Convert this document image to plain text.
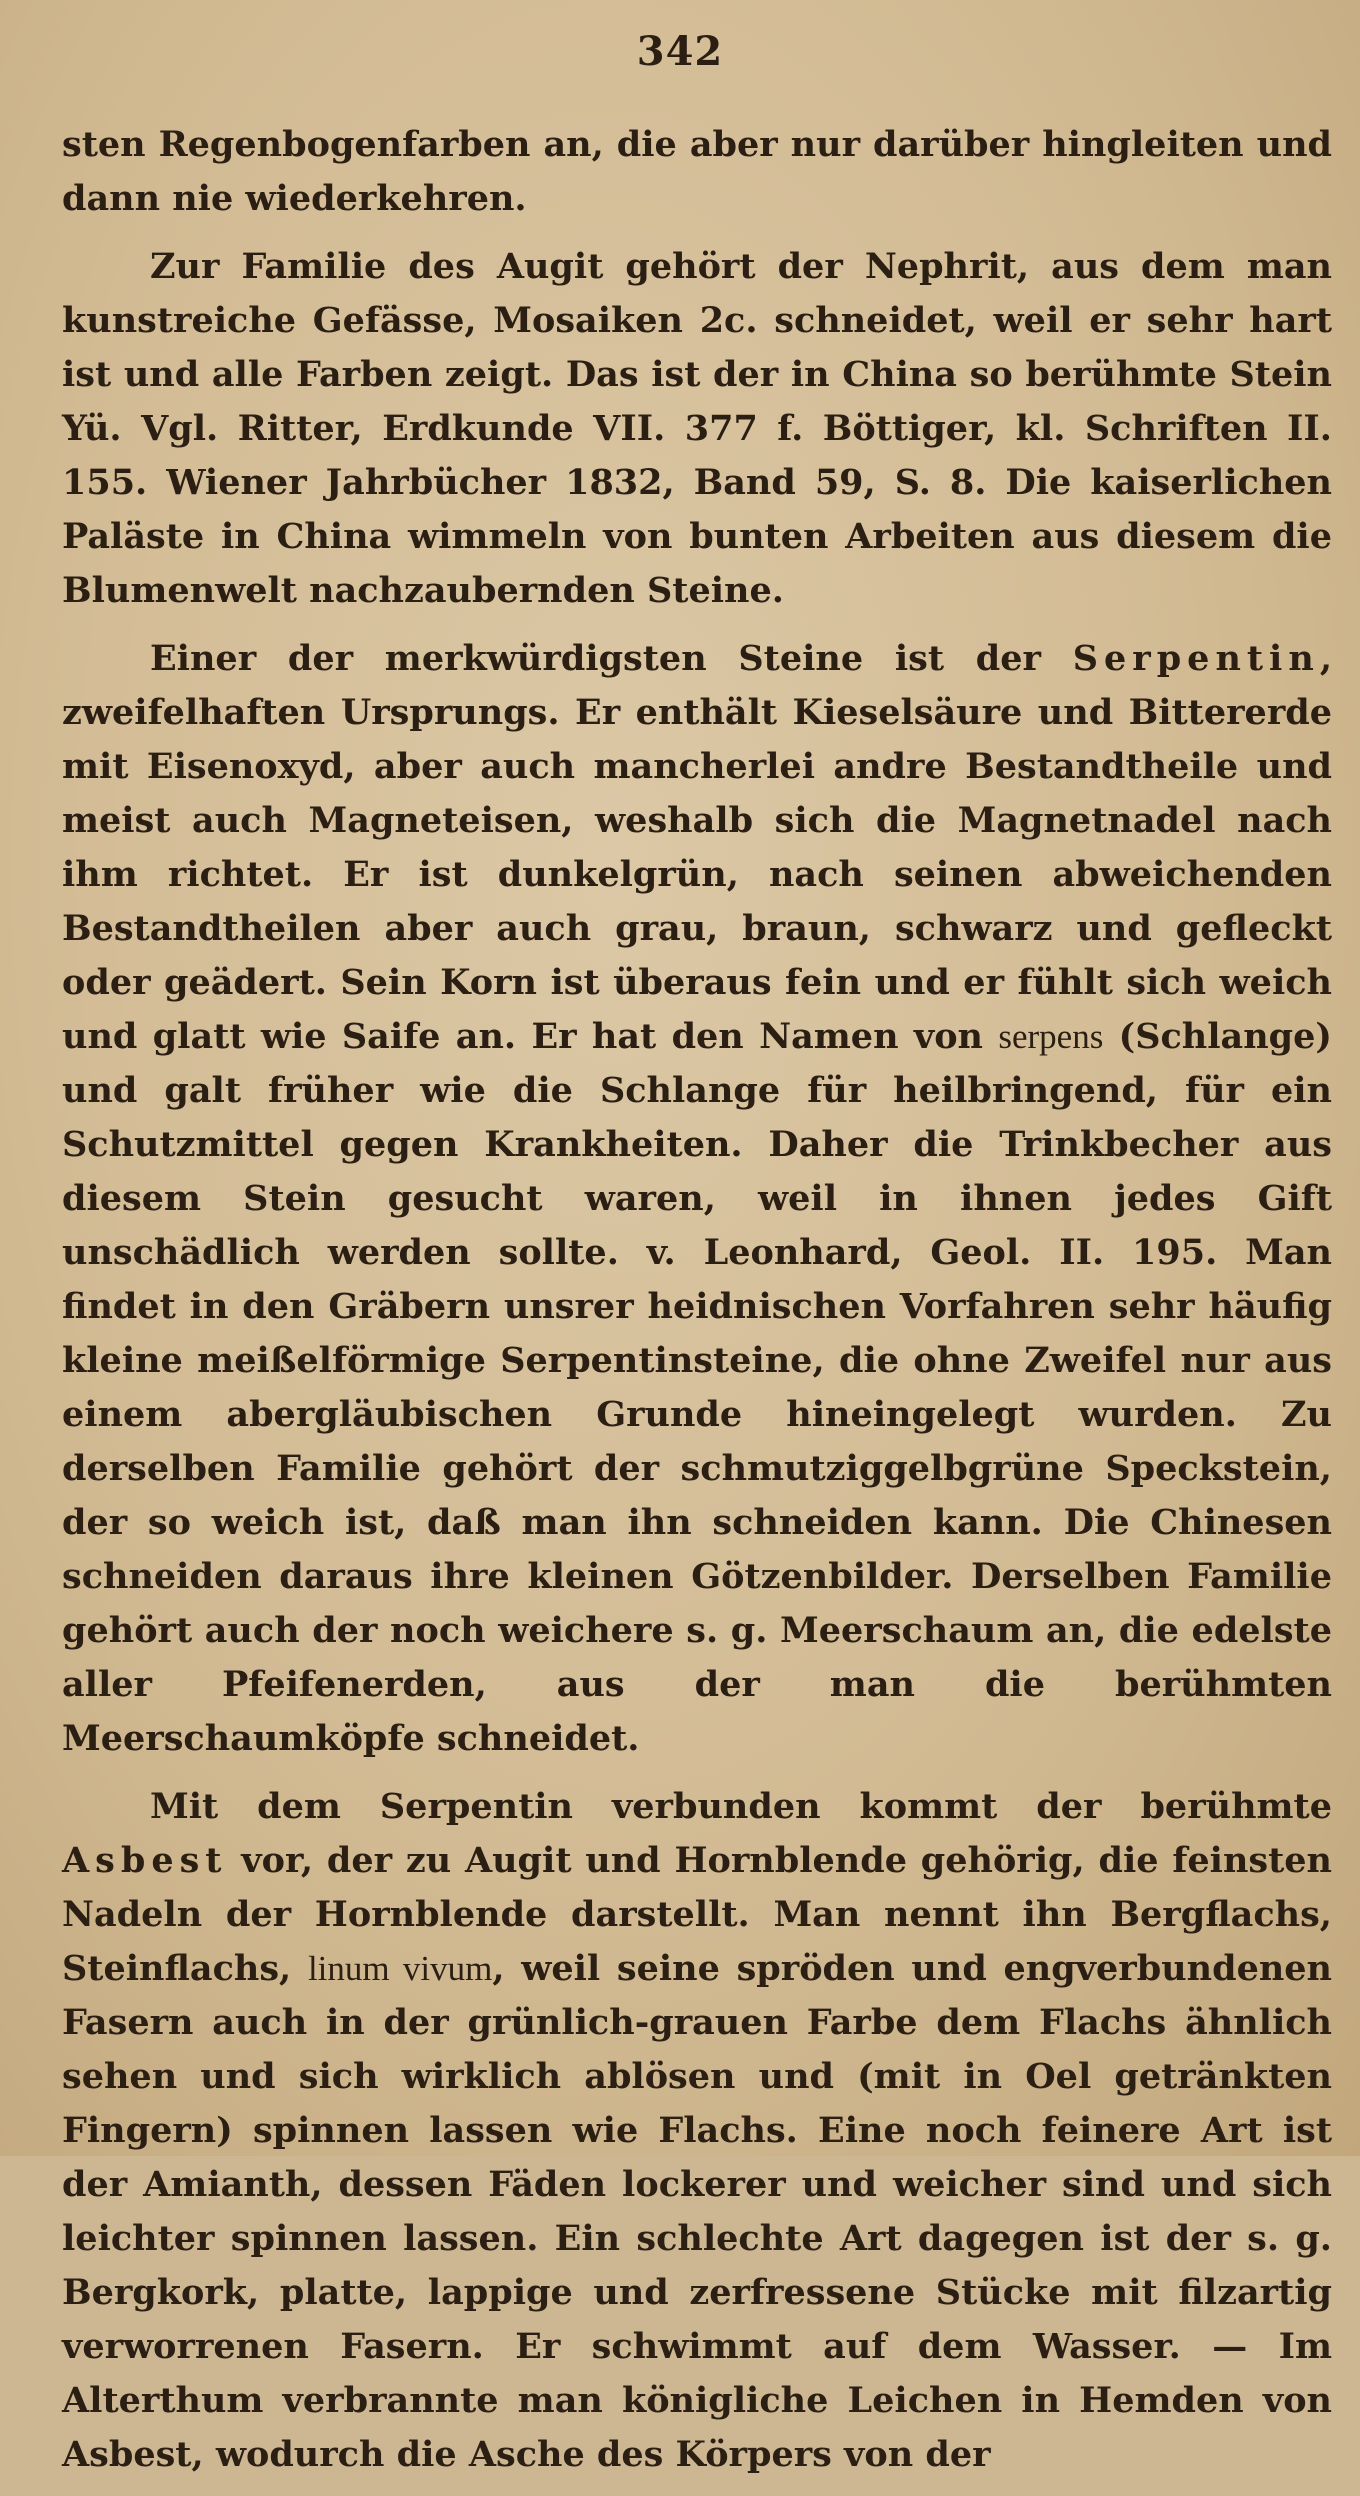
342

sten Regenbogenfarben an, die aber nur darüber hingleiten und dann nie wiederkehren.

Zur Familie des Augit gehört der Nephrit, aus dem man kunstreiche Gefässe, Mosaiken 2c. schneidet, weil er sehr hart ist und alle Farben zeigt. Das ist der in China so berühmte Stein Yü. Vgl. Ritter, Erdkunde VII. 377 f. Böttiger, kl. Schriften II. 155. Wiener Jahrbücher 1832, Band 59, S. 8. Die kaiserlichen Paläste in China wimmeln von bunten Arbeiten aus diesem die Blumenwelt nachzaubernden Steine.

Einer der merkwürdigsten Steine ist der Serpentin, zweifelhaften Ursprungs. Er enthält Kieselsäure und Bittererde mit Eisenoxyd, aber auch mancherlei andre Bestandtheile und meist auch Magneteisen, weshalb sich die Magnetnadel nach ihm richtet. Er ist dunkelgrün, nach seinen abweichenden Bestandtheilen aber auch grau, braun, schwarz und gefleckt oder geädert. Sein Korn ist überaus fein und er fühlt sich weich und glatt wie Saife an. Er hat den Namen von serpens (Schlange) und galt früher wie die Schlange für heilbringend, für ein Schutzmittel gegen Krankheiten. Daher die Trinkbecher aus diesem Stein gesucht waren, weil in ihnen jedes Gift unschädlich werden sollte. v. Leonhard, Geol. II. 195. Man findet in den Gräbern unsrer heidnischen Vorfahren sehr häufig kleine meißelförmige Serpentinsteine, die ohne Zweifel nur aus einem abergläubischen Grunde hineingelegt wurden. Zu derselben Familie gehört der schmutziggelbgrüne Speckstein, der so weich ist, daß man ihn schneiden kann. Die Chinesen schneiden daraus ihre kleinen Götzenbilder. Derselben Familie gehört auch der noch weichere s. g. Meerschaum an, die edelste aller Pfeifenerden, aus der man die berühmten Meerschaumköpfe schneidet.

Mit dem Serpentin verbunden kommt der berühmte Asbest vor, der zu Augit und Hornblende gehörig, die feinsten Nadeln der Hornblende darstellt. Man nennt ihn Bergflachs, Steinflachs, linum vivum, weil seine spröden und engverbundenen Fasern auch in der grünlich-grauen Farbe dem Flachs ähnlich sehen und sich wirklich ablösen und (mit in Oel getränkten Fingern) spinnen lassen wie Flachs. Eine noch feinere Art ist der Amianth, dessen Fäden lockerer und weicher sind und sich leichter spinnen lassen. Ein schlechte Art dagegen ist der s. g. Bergkork, platte, lappige und zerfressene Stücke mit filzartig verworrenen Fasern. Er schwimmt auf dem Wasser. — Im Alterthum verbrannte man königliche Leichen in Hemden von Asbest, wodurch die Asche des Körpers von der
